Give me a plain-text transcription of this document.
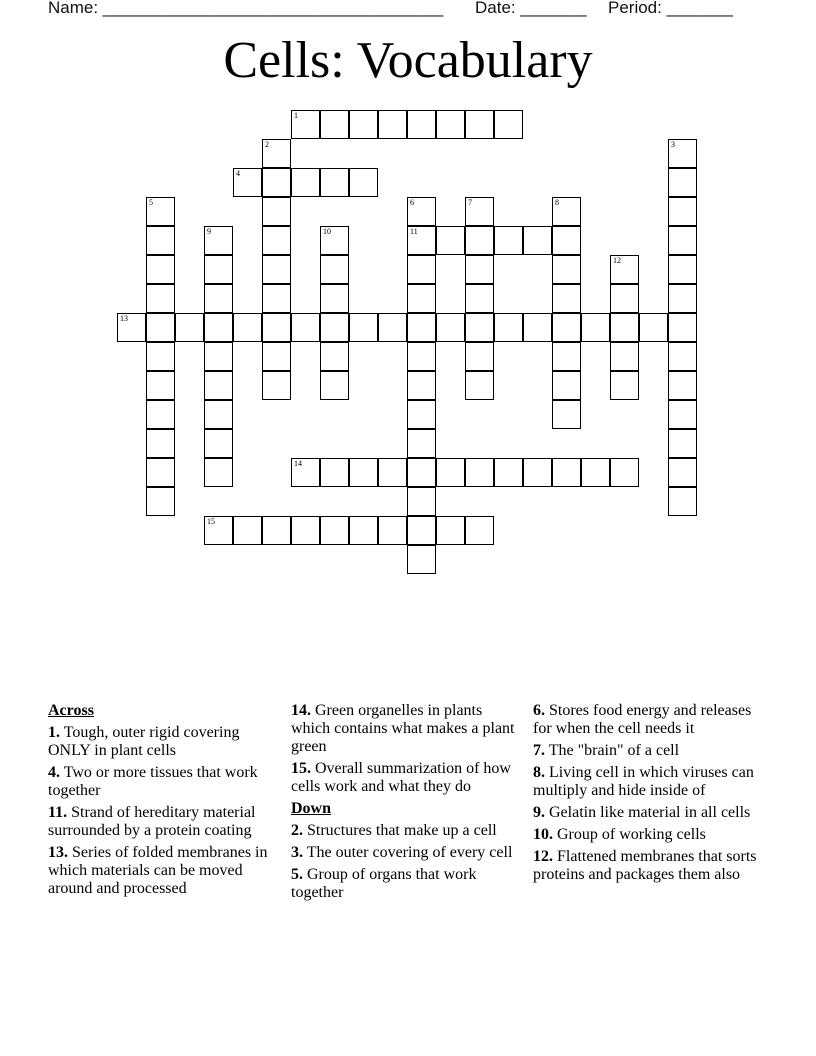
Name: ____________________________________ Date: _______ Period: _______
Cells: Vocabulary
1
4
11
13
14
15
2	3
5	6	7	8
9	10
12
Across
1. Tough, outer rigid covering ONLY in plant cells
4. Two or more tissues that work together
11. Strand of hereditary material surrounded by a protein coating
13. Series of folded membranes in which materials can be moved around and processed
14. Green organelles in plants which contains what makes a plant green
15. Overall summarization of how cells work and what they do
Down
2. Structures that make up a cell
3. The outer covering of every cell
5. Group of organs that work together
6. Stores food energy and releases for when the cell needs it
7. The "brain" of a cell
8. Living cell in which viruses can multiply and hide inside of
9. Gelatin like material in all cells
10. Group of working cells
12. Flattened membranes that sorts proteins and packages them also
